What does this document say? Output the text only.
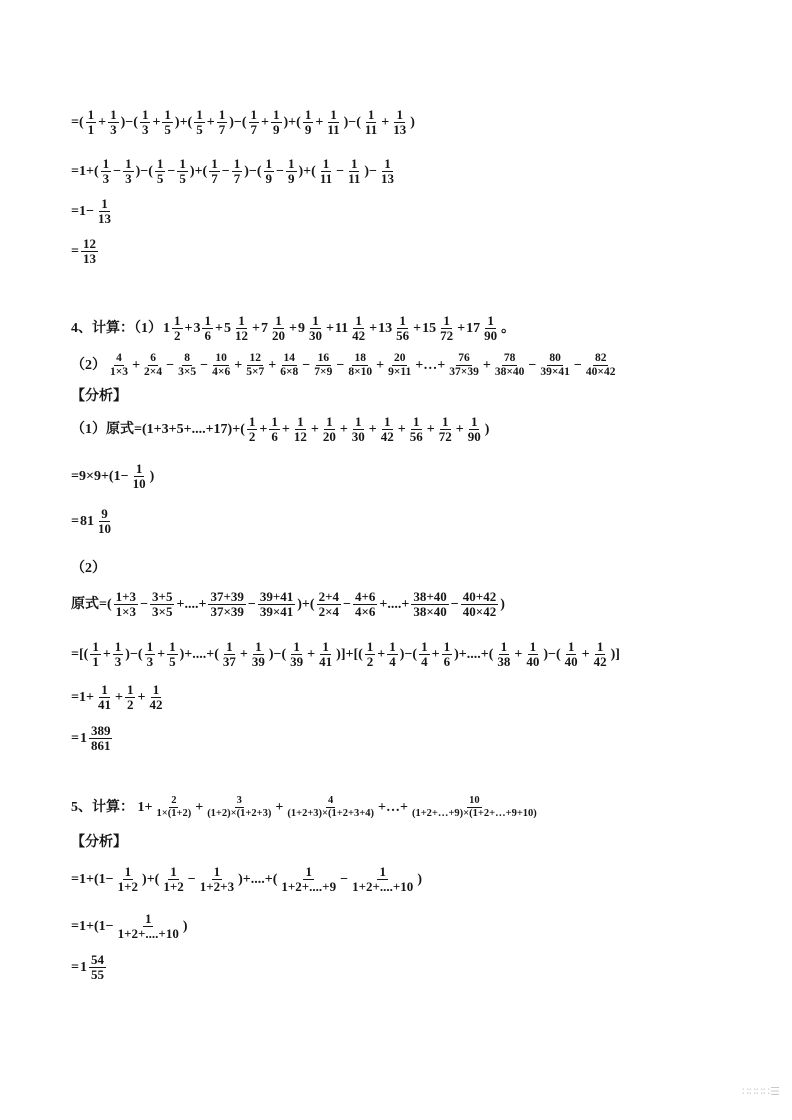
=( $\frac{1}{1} + \frac{1}{3}$ )−( $\frac{1}{3} + \frac{1}{5}$ )+( $\frac{1}{5} + \frac{1}{7}$ )−( $\frac{1}{7} + \frac{1}{9}$ )+( $\frac{1}{9} + \frac{1}{11}$ )−( $\frac{1}{11} + \frac{1}{13}$ )
$=1+( \frac{1}{3} - \frac{1}{3}$ )−( $\frac{1}{5} - \frac{1}{5}$ )+( $\frac{1}{7} - \frac{1}{7}$ )−( $\frac{1}{9} - \frac{1}{9}$ )+( $\frac{1}{11} - \frac{1}{11}$ )− $\frac{1}{13}$
$=1- \frac{1}{13}$
= $\frac{12}{13}$
4、计算：（1） $1 \frac{1}{2} + 3 \frac{1}{6} + 5 \frac{1}{12} + 7 \frac{1}{20} + 9 \frac{1}{30} + 11 \frac{1}{42} + 13 \frac{1}{56} + 15 \frac{1}{72} + 17 \frac{1}{90}$ 。
$(2) \frac{4}{1\times 3} + \frac{6}{2\times 4} - \frac{8}{3\times 5} - \frac{10}{4\times 6} + \frac{12}{5\times 7} + \frac{14}{6\times 8} - \frac{16}{7\times 9} - \frac{18}{8\times 10} + \frac{20}{9\times 11}$ +…+ $\frac{76}{37\times 39} + \frac{78}{38\times 40} - \frac{80}{39\times 41} - \frac{82}{40\times 42}$
【分析】
（1）原式$=(1+3+5+....+17)+( \frac{1}{2} + \frac{1}{6} + \frac{1}{12} + \frac{1}{20} + \frac{1}{30} + \frac{1}{42} + \frac{1}{56} + \frac{1}{72} + \frac{1}{90}$ )
$=9\times 9+(1- \frac{1}{10}$ )
= $81 \frac{9}{10}$
（2）
原式=( $\frac{1+3}{1\times 3} - \frac{3+5}{3\times 5}$ +....+ $\frac{37+39}{37\times 39} - \frac{39+41}{39\times 41}$ )+( $\frac{2+4}{2\times 4} - \frac{4+6}{4\times 6}$ +....+ $\frac{38+40}{38\times 40} - \frac{40+42}{40\times 42}$ )
=[( $\frac{1}{1} + \frac{1}{3}$ )−( $\frac{1}{3} + \frac{1}{5}$ )+....+( $\frac{1}{37} + \frac{1}{39}$ )−( $\frac{1}{39} + \frac{1}{41}$ )]+[( $\frac{1}{2} + \frac{1}{4}$ )−( $\frac{1}{4} + \frac{1}{6}$ )+....+( $\frac{1}{38} + \frac{1}{40}$ )−( $\frac{1}{40} + \frac{1}{42}$ )]
$=1+ \frac{1}{41} + \frac{1}{2} + \frac{1}{42}$
= $1 \frac{389}{861}$
5、计算： $1+ \frac{2}{1\times(1+2)} + \frac{3}{(1+2)\times(1+2+3)} + \frac{4}{(1+2+3)\times(1+2+3+4)}$ +…+ $\frac{10}{(1+2+\dots+9)\times(1+2+\dots+9+10)}$
【分析】
$=1+(1- \frac{1}{1+2}$ )+( $\frac{1}{1+2} - \frac{1}{1+2+3}$ )+....+( $\frac{1}{1+2+....+9} - \frac{1}{1+2+....+10}$ )
$=1+(1- \frac{1}{1+2+....+10}$ )
= $1 \frac{54}{55}$
∷∷∷∷☰
